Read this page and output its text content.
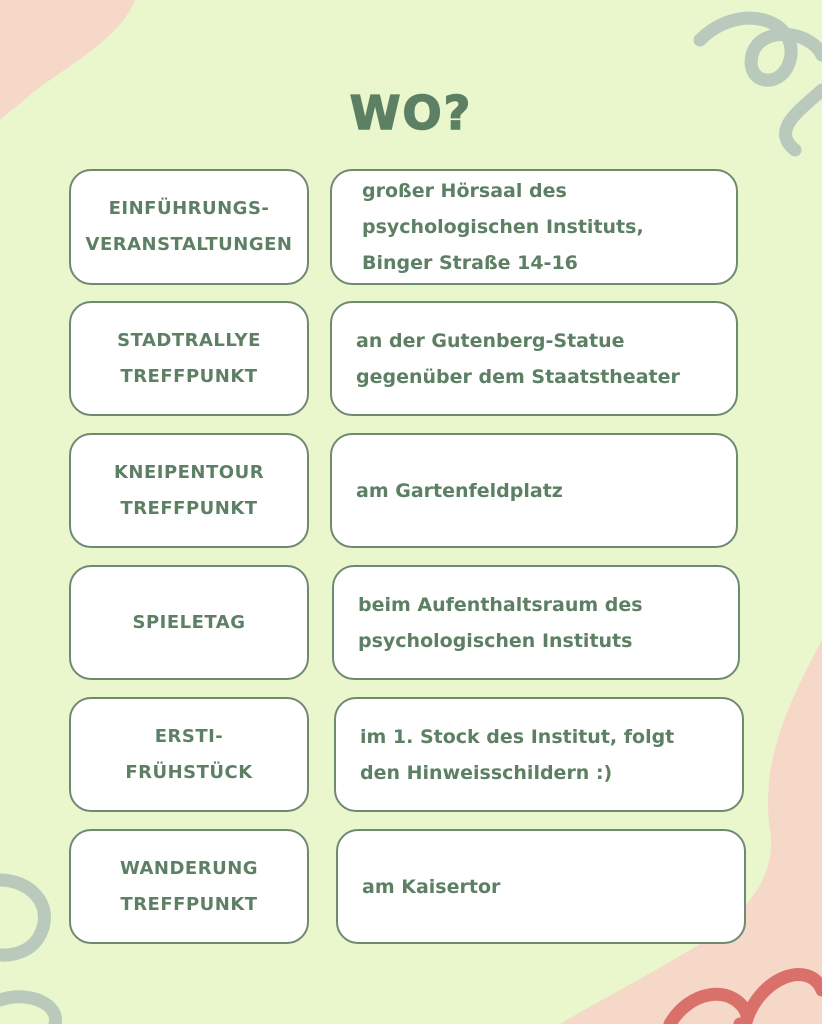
WO?
EINFÜHRUNGS-
VERANSTALTUNGEN
großer Hörsaal des
psychologischen Instituts,
Binger Straße 14-16
STADTRALLYE
TREFFPUNKT
an der Gutenberg-Statue
gegenüber dem Staatstheater
KNEIPENTOUR
TREFFPUNKT
am Gartenfeldplatz
SPIELETAG
beim Aufenthaltsraum des
psychologischen Instituts
ERSTI-
FRÜHSTÜCK
im 1. Stock des Institut, folgt
den Hinweisschildern :)
WANDERUNG
TREFFPUNKT
am Kaisertor
